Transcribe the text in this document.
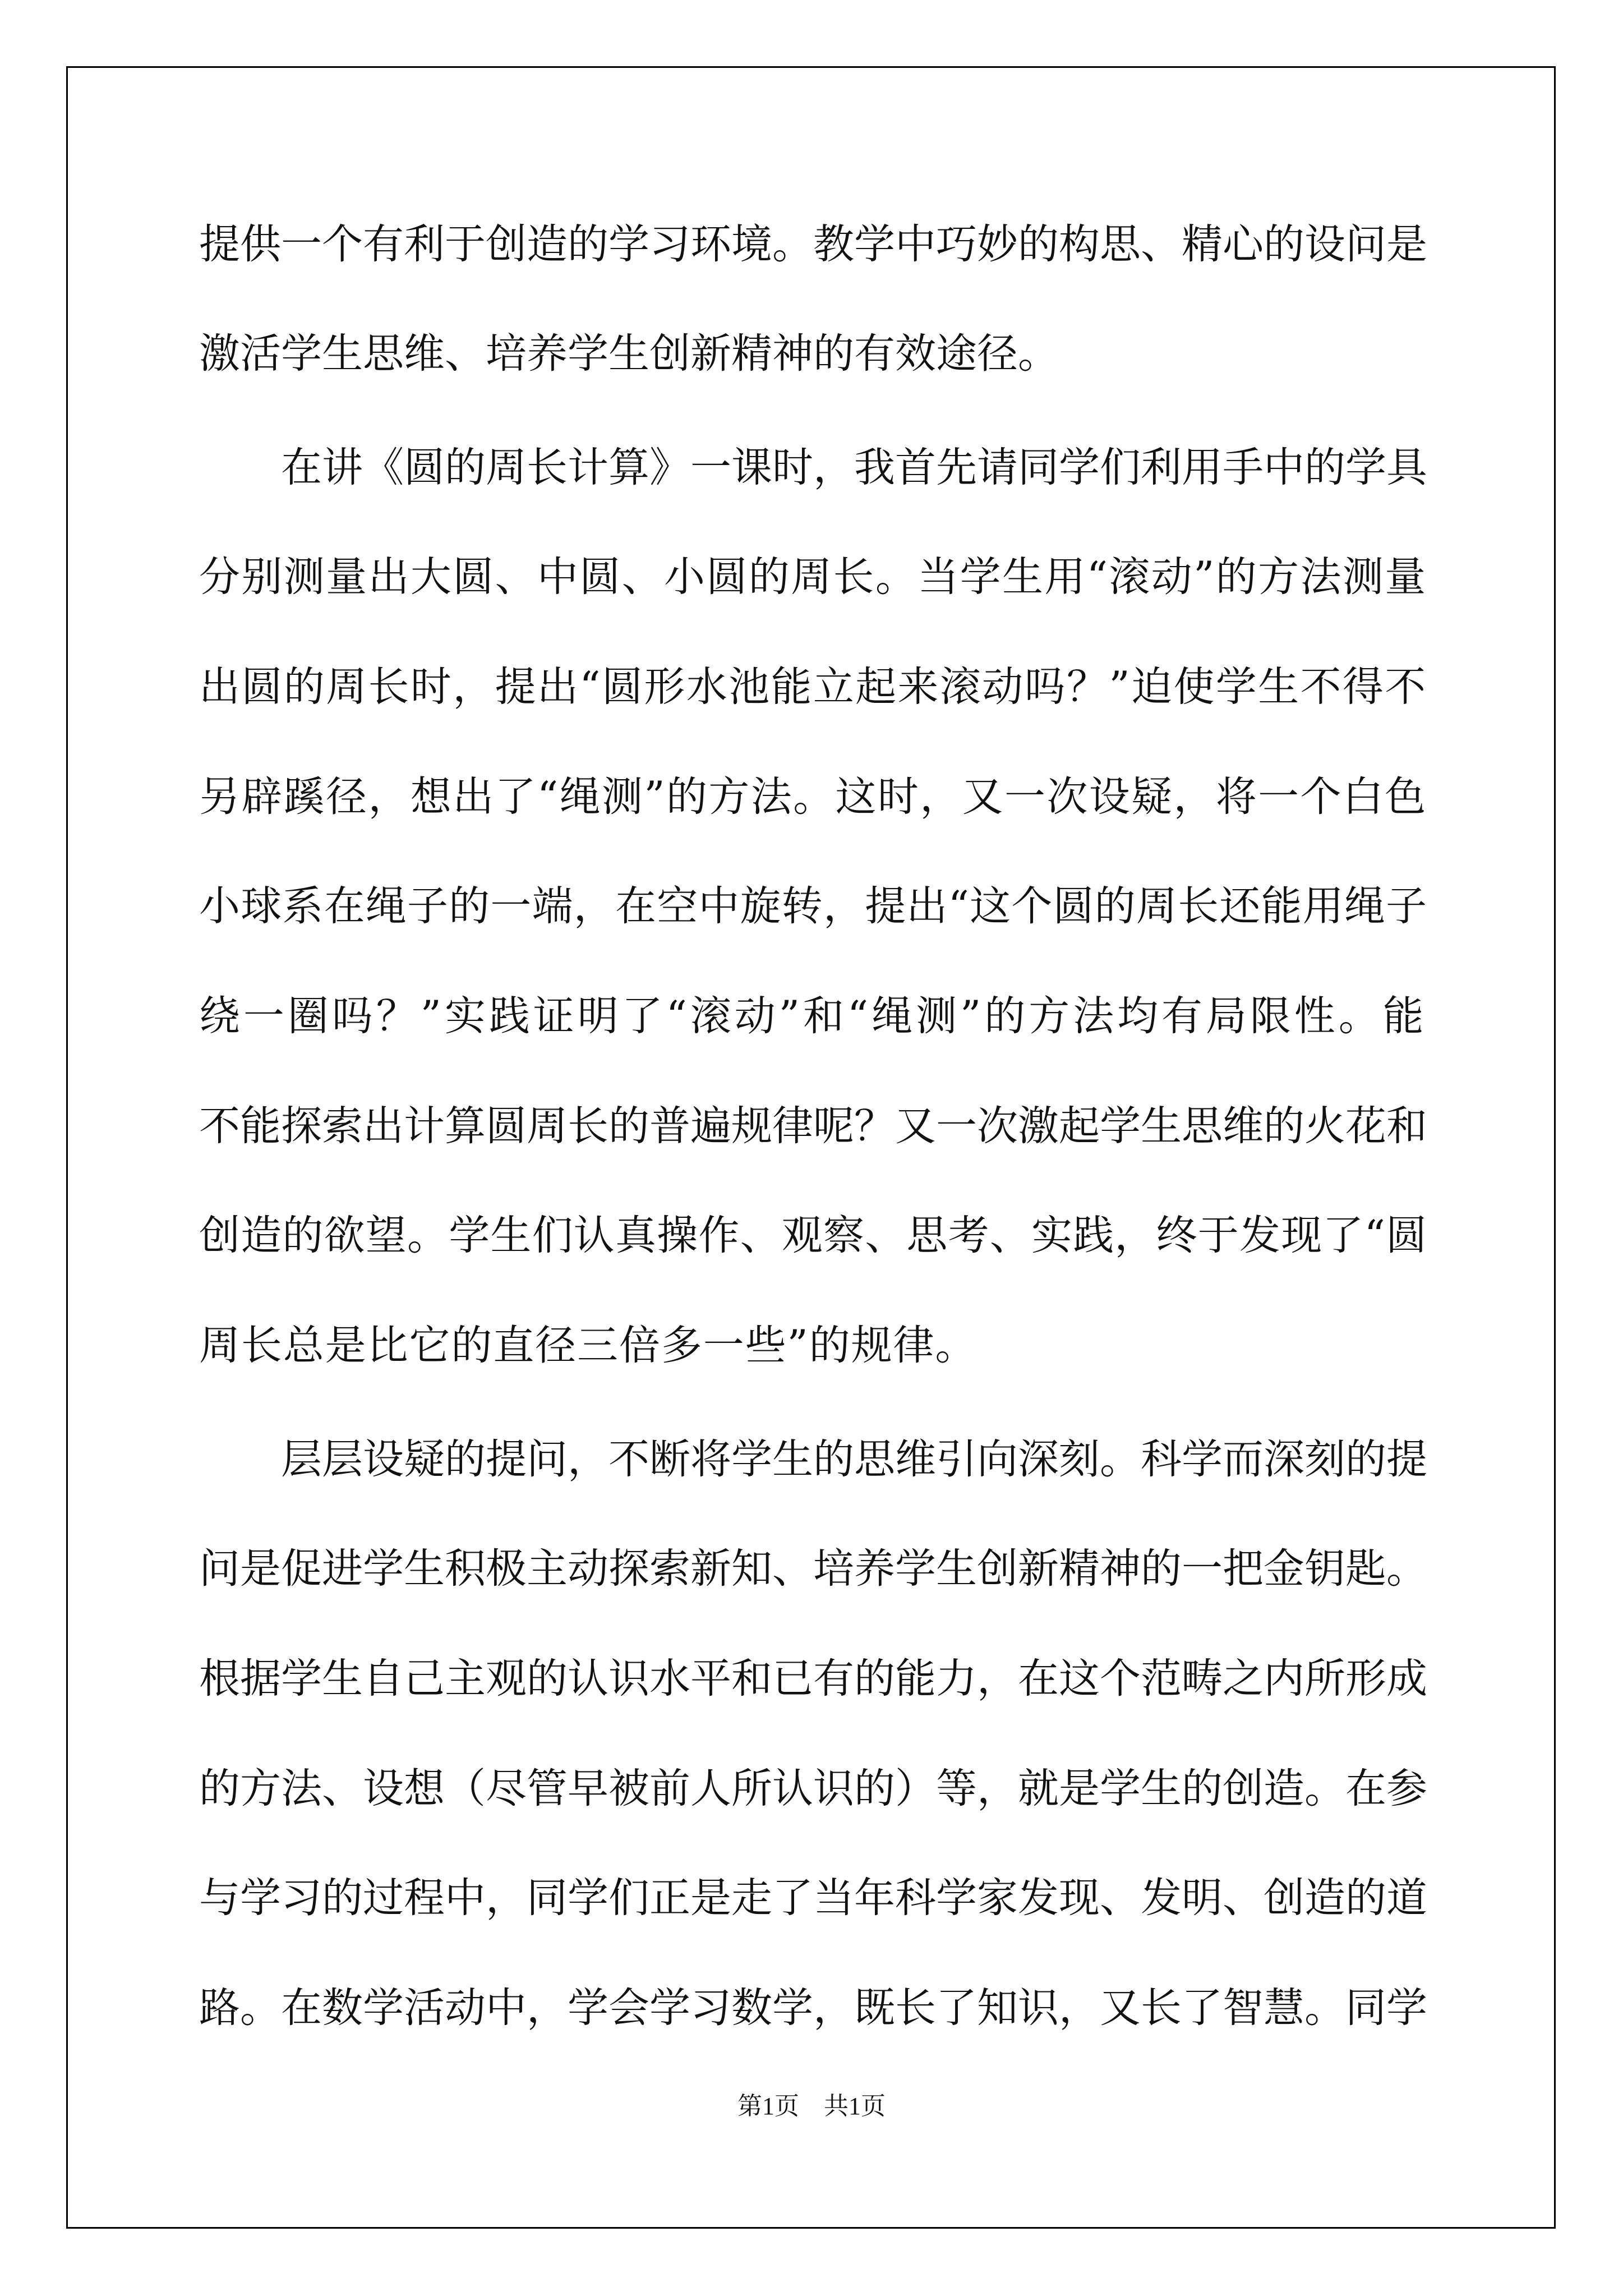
提供一个有利于创造的学习环境。教学中巧妙的构思、精心的设问是
激活学生思维、培养学生创新精神的有效途径。
在讲《圆的周长计算》一课时，我首先请同学们利用手中的学具
分别测量出大圆、中圆、小圆的周长。当学生用“滚动”的方法测量
出圆的周长时，提出“圆形水池能立起来滚动吗？”迫使学生不得不
另辟蹊径，想出了“绳测”的方法。这时，又一次设疑，将一个白色
小球系在绳子的一端，在空中旋转，提出“这个圆的周长还能用绳子
绕一圈吗？”实践证明了“滚动”和“绳测”的方法均有局限性。能
不能探索出计算圆周长的普遍规律呢？又一次激起学生思维的火花和
创造的欲望。学生们认真操作、观察、思考、实践，终于发现了“圆
周长总是比它的直径三倍多一些”的规律。
层层设疑的提问，不断将学生的思维引向深刻。科学而深刻的提
问是促进学生积极主动探索新知、培养学生创新精神的一把金钥匙。
根据学生自己主观的认识水平和已有的能力，在这个范畴之内所形成
的方法、设想（尽管早被前人所认识的）等，就是学生的创造。在参
与学习的过程中，同学们正是走了当年科学家发现、发明、创造的道
路。在数学活动中，学会学习数学，既长了知识，又长了智慧。同学
第1页　共1页
